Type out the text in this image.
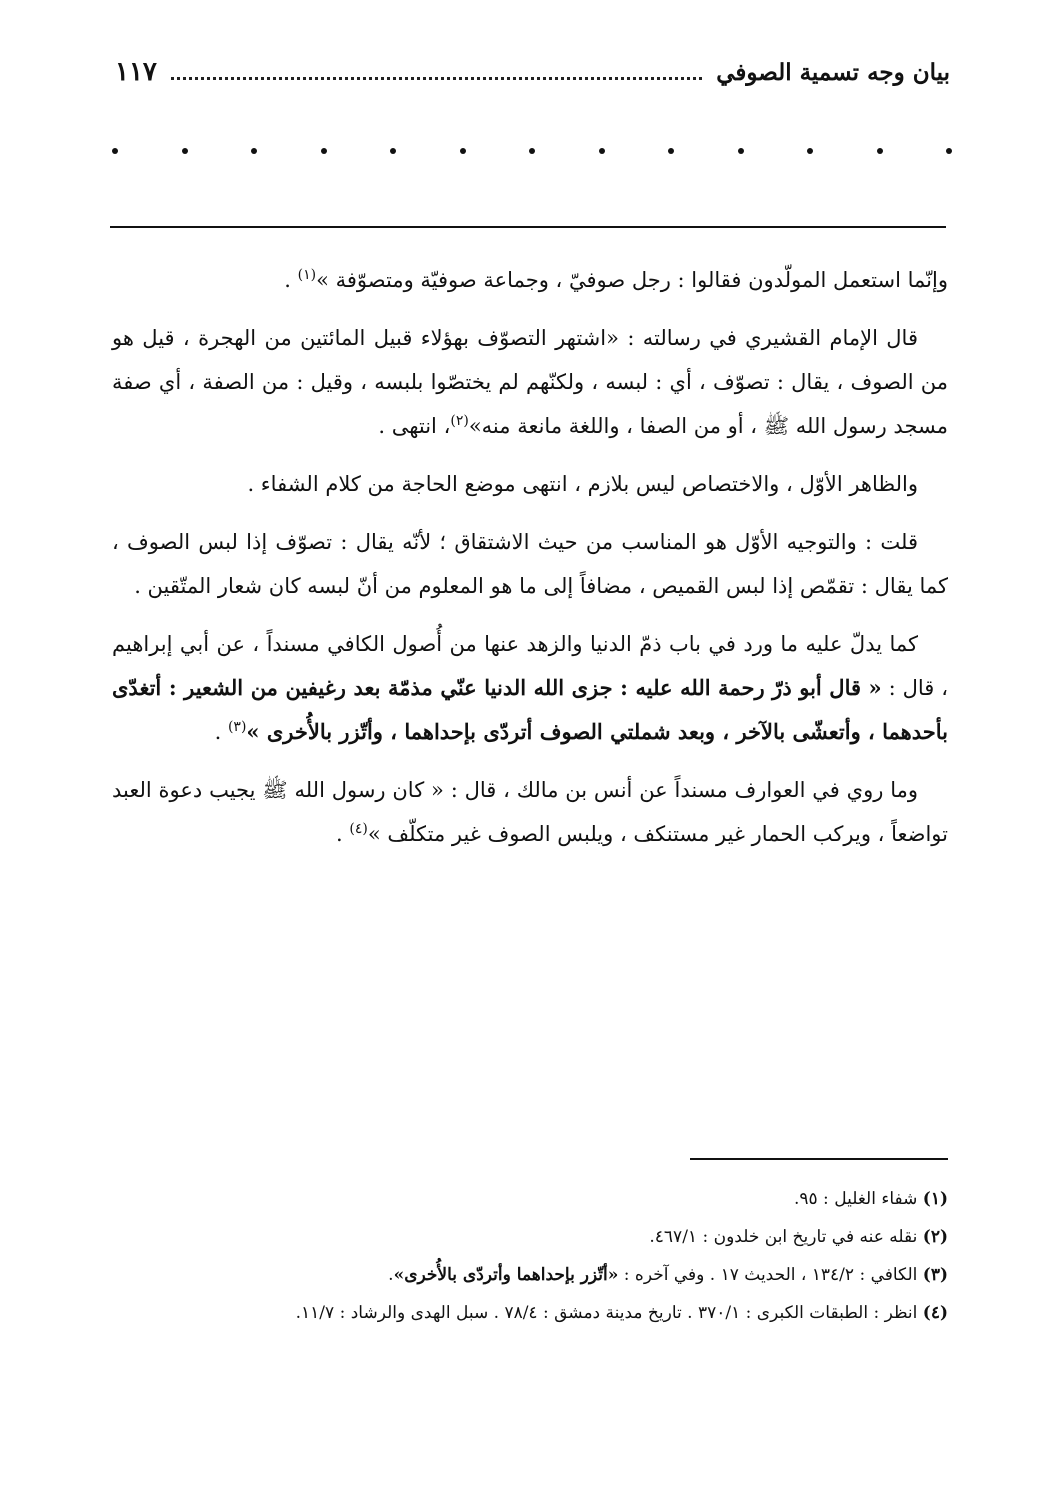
بيان وجه تسمية الصوفي
١١٧

وإنّما استعمل المولّدون فقالوا : رجل صوفيّ ، وجماعة صوفيّة ومتصوّفة »$^{(١)}$ .

قال الإمام القشيري في رسالته : «اشتهر التصوّف بهؤلاء قبيل المائتين من الهجرة ، قيل هو من الصوف ، يقال : تصوّف ، أي : لبسه ، ولكنّهم لم يختصّوا بلبسه ، وقيل : من الصفة ، أي صفة مسجد رسول الله ﷺ ، أو من الصفا ، واللغة مانعة منه»$^{(٢)}$، انتهى .

والظاهر الأوّل ، والاختصاص ليس بلازم ، انتهى موضع الحاجة من كلام الشفاء .

قلت : والتوجيه الأوّل هو المناسب من حيث الاشتقاق ؛ لأنّه يقال : تصوّف إذا لبس الصوف ، كما يقال : تقمّص إذا لبس القميص ، مضافاً إلى ما هو المعلوم من أنّ لبسه كان شعار المتّقين .

كما يدلّ عليه ما ورد في باب ذمّ الدنيا والزهد عنها من أُصول الكافي مسنداً ، عن أبي إبراهيم ، قال : « قال أبو ذرّ رحمة الله عليه : جزى الله الدنيا عنّي مذمّة بعد رغيفين من الشعير : أتغدّى بأحدهما ، وأتعشّى بالآخر ، وبعد شملتي الصوف أتردّى بإحداهما ، وأتّزر بالأُخرى »$^{(٣)}$ .

وما روي في العوارف مسنداً عن أنس بن مالك ، قال : « كان رسول الله ﷺ يجيب دعوة العبد تواضعاً ، ويركب الحمار غير مستنكف ، ويلبس الصوف غير متكلّف »$^{(٤)}$ .

(١) شفاء الغليل : ٩٥.

(٢) نقله عنه في تاريخ ابن خلدون : ٤٦٧/١.

(٣) الكافي : ١٣٤/٢ ، الحديث ١٧ . وفي آخره : «أتّزر بإحداهما وأتردّى بالأُخرى».

(٤) انظر : الطبقات الكبرى : ٣٧٠/١ . تاريخ مدينة دمشق : ٧٨/٤ . سبل الهدى والرشاد : ١١/٧.
